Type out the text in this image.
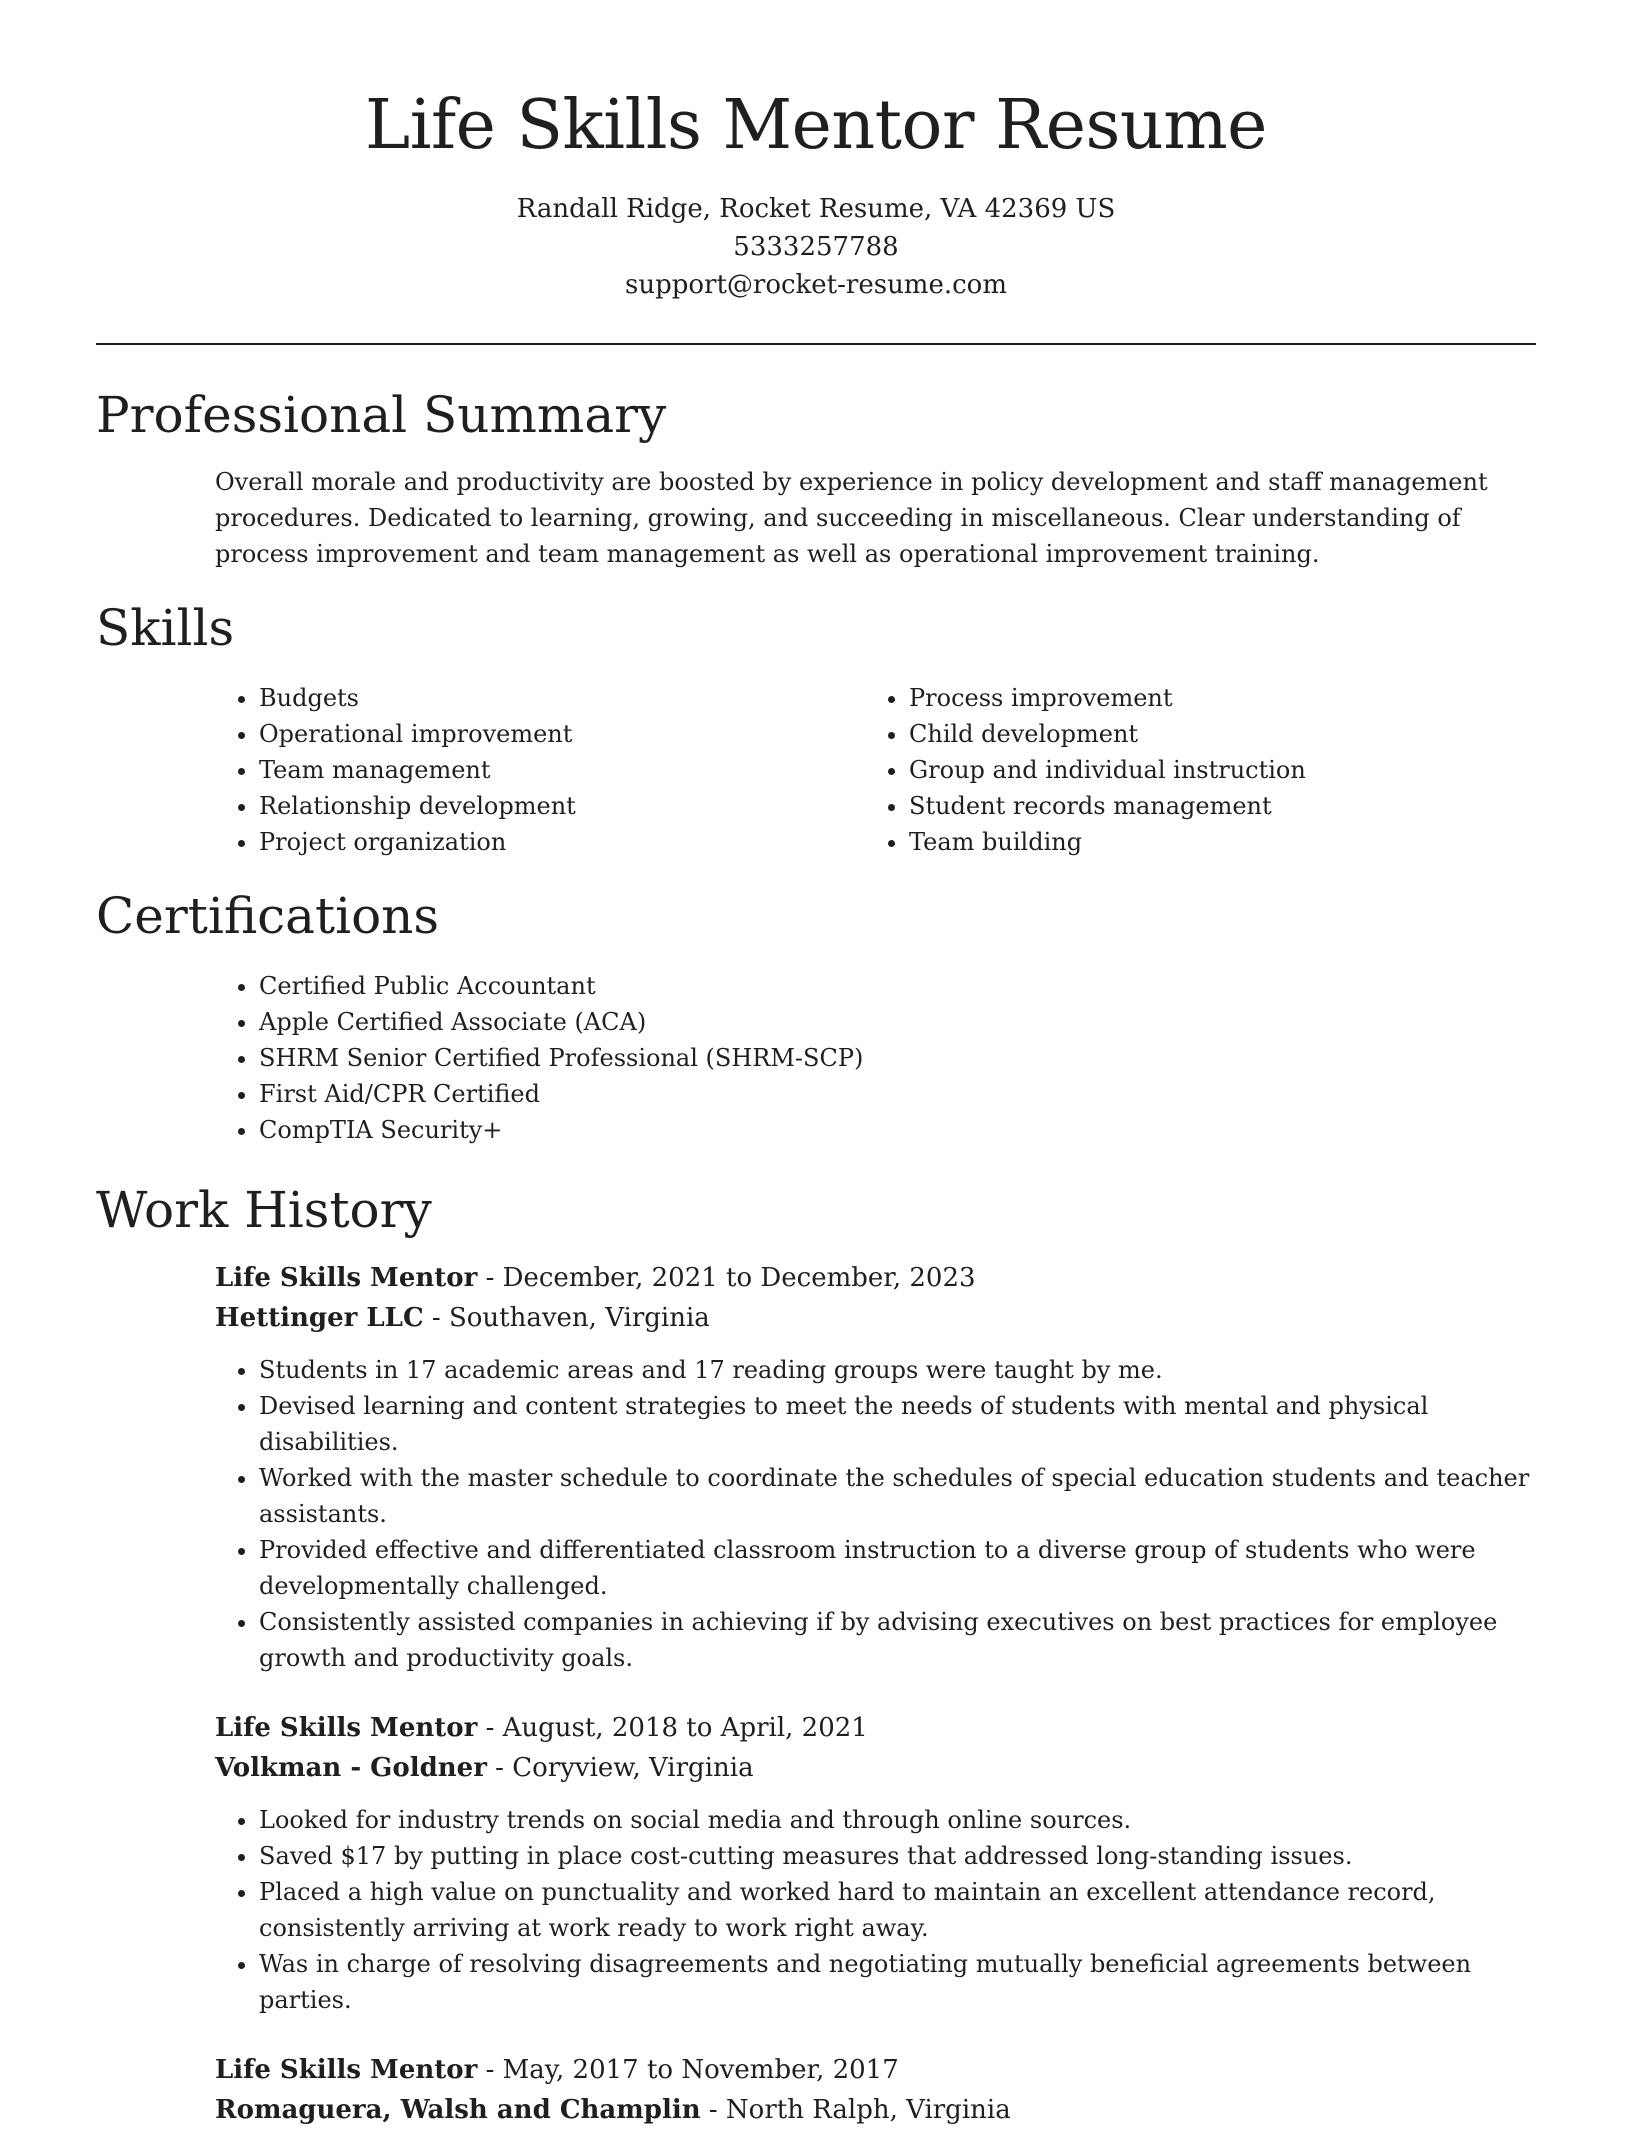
Life Skills Mentor Resume
Randall Ridge, Rocket Resume, VA 42369 US
5333257788
support@rocket-resume.com
Professional Summary

Overall morale and productivity are boosted by experience in policy development and staff management procedures. Dedicated to learning, growing, and succeeding in miscellaneous. Clear understanding of process improvement and team management as well as operational improvement training.

Skills
• Budgets
• Operational improvement
• Team management
• Relationship development
• Project organization
• Process improvement
• Child development
• Group and individual instruction
• Student records management
• Team building
Certifications
• Certified Public Accountant
• Apple Certified Associate (ACA)
• SHRM Senior Certified Professional (SHRM-SCP)
• First Aid/CPR Certified
• CompTIA Security+
Work History
Life Skills Mentor - December, 2021 to December, 2023
Hettinger LLC - Southaven, Virginia
• Students in 17 academic areas and 17 reading groups were taught by me.
• Devised learning and content strategies to meet the needs of students with mental and physical disabilities.
• Worked with the master schedule to coordinate the schedules of special education students and teacher assistants.
• Provided effective and differentiated classroom instruction to a diverse group of students who were developmentally challenged.
• Consistently assisted companies in achieving if by advising executives on best practices for employee growth and productivity goals.
Life Skills Mentor - August, 2018 to April, 2021
Volkman - Goldner - Coryview, Virginia
• Looked for industry trends on social media and through online sources.
• Saved $17 by putting in place cost-cutting measures that addressed long-standing issues.
• Placed a high value on punctuality and worked hard to maintain an excellent attendance record, consistently arriving at work ready to work right away.
• Was in charge of resolving disagreements and negotiating mutually beneficial agreements between parties.
Life Skills Mentor - May, 2017 to November, 2017
Romaguera, Walsh and Champlin - North Ralph, Virginia
